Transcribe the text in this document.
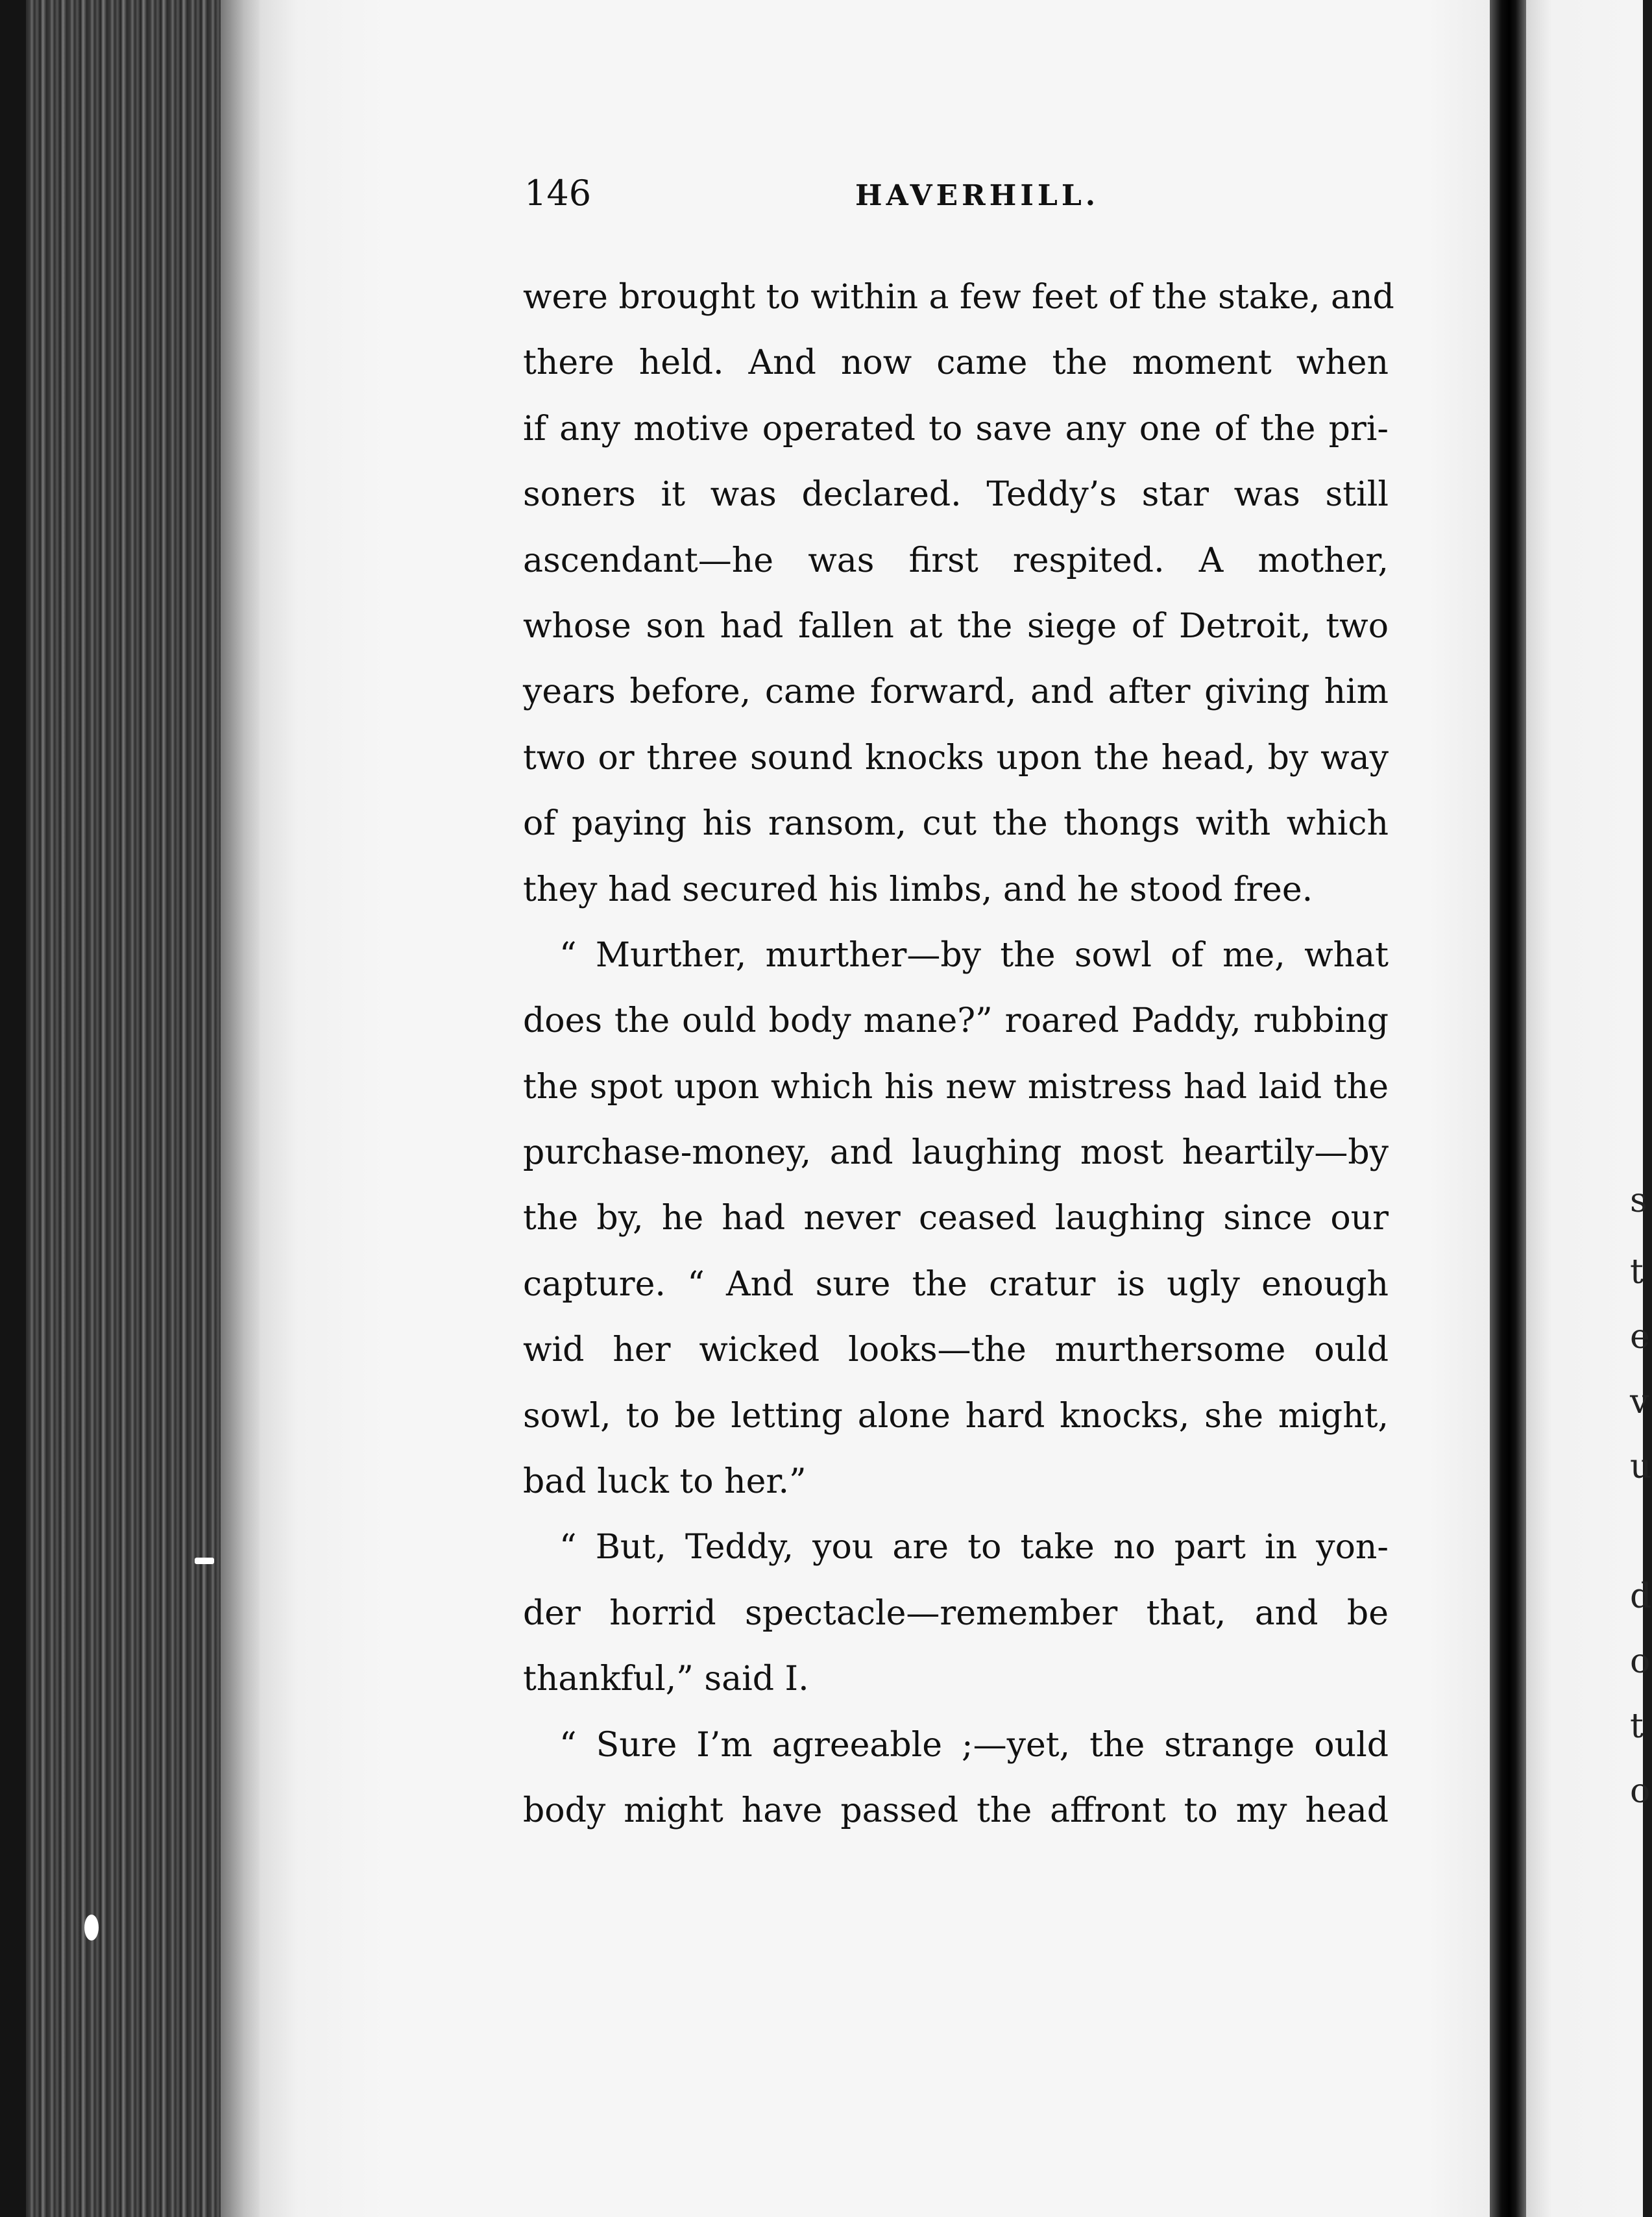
146	HAVERHILL.
were brought to within a few feet of the stake, and
there held. And now came the moment when
if any motive operated to save any one of the pri-
soners it was declared. Teddy’s star was still
ascendant—he was first respited. A mother,
whose son had fallen at the siege of Detroit, two
years before, came forward, and after giving him
two or three sound knocks upon the head, by way
of paying his ransom, cut the thongs with which
they had secured his limbs, and he stood free.
“ Murther, murther—by the sowl of me, what
does the ould body mane?” roared Paddy, rubbing
the spot upon which his new mistress had laid the
purchase-money, and laughing most heartily—by
the by, he had never ceased laughing since our
capture. “ And sure the cratur is ugly enough
wid her wicked looks—the murthersome ould
sowl, to be letting alone hard knocks, she might,
bad luck to her.”
“ But, Teddy, you are to take no part in yon-
der horrid spectacle—remember that, and be
thankful,” said I.
“ Sure I’m agreeable ;—yet, the strange ould
body might have passed the affront to my head
s
t
e
v
u
d
o
t
o
